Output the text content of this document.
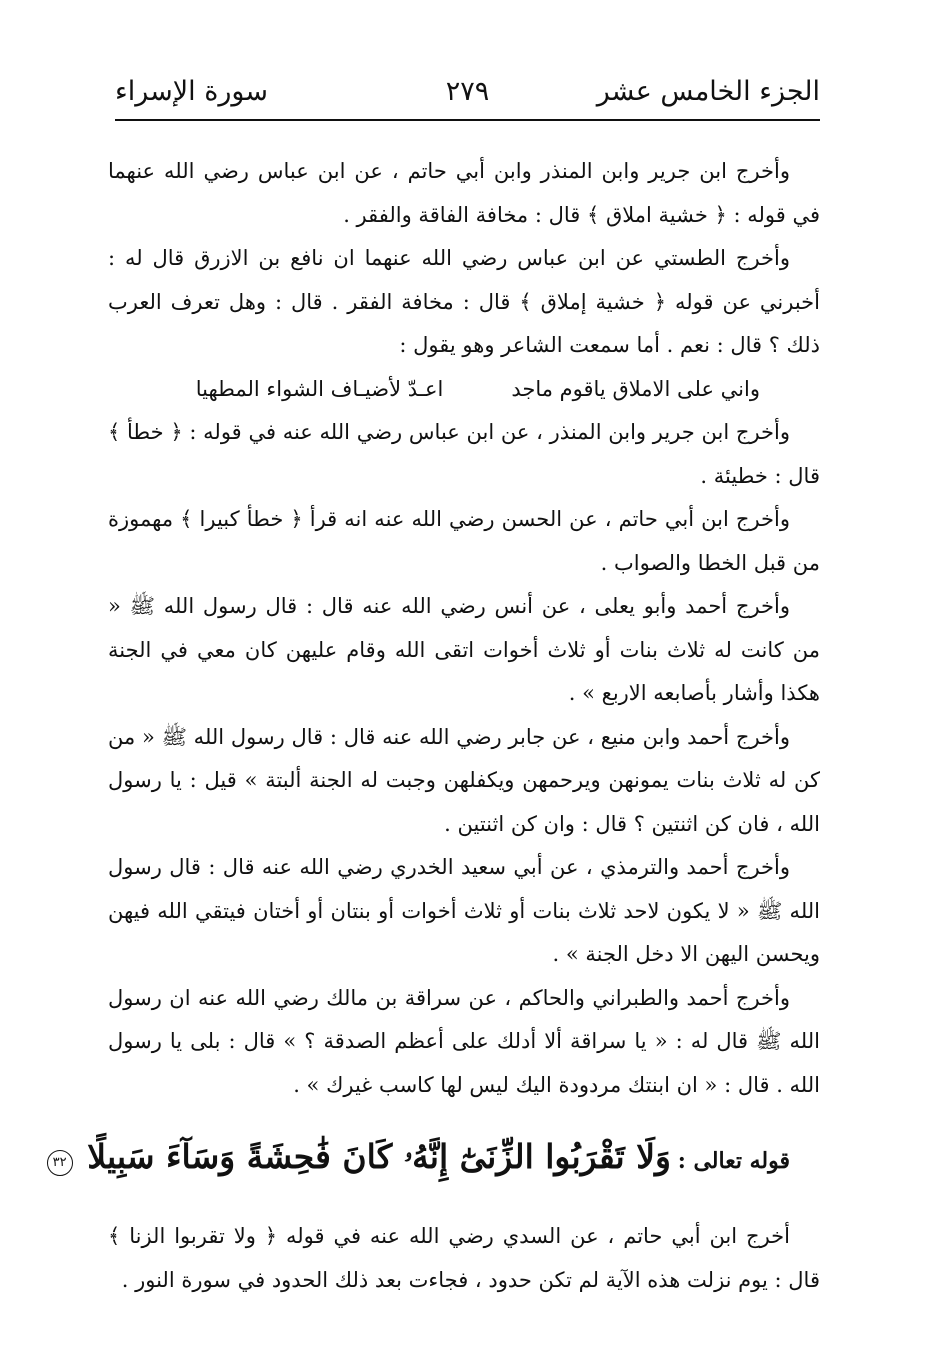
الجزء الخامس عشر
٢٧٩
سورة الإسراء

وأخرج ابن جرير وابن المنذر وابن أبي حاتم ، عن ابن عباس رضي الله عنهما في قوله : ﴿ خشية املاق ﴾ قال : مخافة الفاقة والفقر .

وأخرج الطستي عن ابن عباس رضي الله عنهما ان نافع بن الازرق قال له : أخبرني عن قوله ﴿ خشية إملاق ﴾ قال : مخافة الفقر . قال : وهل تعرف العرب ذلك ؟ قال : نعم . أما سمعت الشاعر وهو يقول :

واني على الاملاق ياقوم ماجداعـدّ لأضيـاف الشواء المطهيا

وأخرج ابن جرير وابن المنذر ، عن ابن عباس رضي الله عنه في قوله : ﴿ خطأ ﴾ قال : خطيئة .

وأخرج ابن أبي حاتم ، عن الحسن رضي الله عنه انه قرأ ﴿ خطأ كبيرا ﴾ مهموزة من قبل الخطا والصواب .

وأخرج أحمد وأبو يعلى ، عن أنس رضي الله عنه قال : قال رسول الله ﷺ « من كانت له ثلاث بنات أو ثلاث أخوات اتقى الله وقام عليهن كان معي في الجنة هكذا وأشار بأصابعه الاربع » .

وأخرج أحمد وابن منيع ، عن جابر رضي الله عنه قال : قال رسول الله ﷺ « من كن له ثلاث بنات يمونهن ويرحمهن ويكفلهن وجبت له الجنة ألبتة » قيل : يا رسول الله ، فان كن اثنتين ؟ قال : وان كن اثنتين .

وأخرج أحمد والترمذي ، عن أبي سعيد الخدري رضي الله عنه قال : قال رسول الله ﷺ « لا يكون لاحد ثلاث بنات أو ثلاث أخوات أو بنتان أو أختان فيتقي الله فيهن ويحسن اليهن الا دخل الجنة » .

وأخرج أحمد والطبراني والحاكم ، عن سراقة بن مالك رضي الله عنه ان رسول الله ﷺ قال له : « يا سراقة ألا أدلك على أعظم الصدقة ؟ » قال : بلى يا رسول الله . قال : « ان ابنتك مردودة اليك ليس لها كاسب غيرك » .

قوله تعالى : وَلَا تَقْرَبُوا الزِّنَىٰٓ إِنَّهُۥ كَانَ فَٰحِشَةً وَسَآءَ سَبِيلًا ٣٢

أخرج ابن أبي حاتم ، عن السدي رضي الله عنه في قوله ﴿ ولا تقربوا الزنا ﴾ قال : يوم نزلت هذه الآية لم تكن حدود ، فجاءت بعد ذلك الحدود في سورة النور .
